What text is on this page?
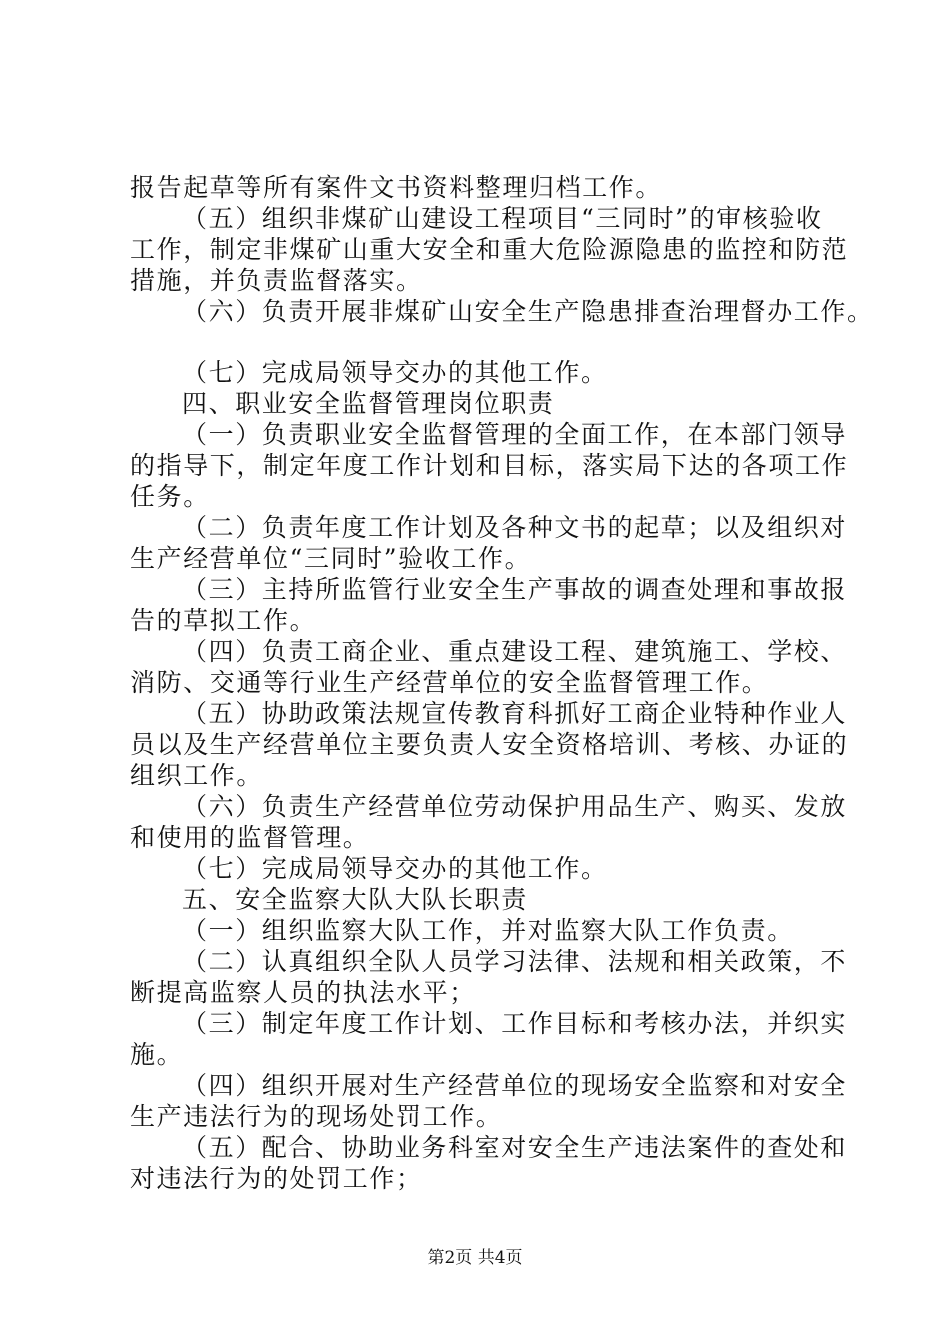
报告起草等所有案件文书资料整理归档工作。
（五）组织非煤矿山建设工程项目“三同时”的审核验收
工作，制定非煤矿山重大安全和重大危险源隐患的监控和防范
措施，并负责监督落实。
（六）负责开展非煤矿山安全生产隐患排查治理督办工作。
（七）完成局领导交办的其他工作。
四、职业安全监督管理岗位职责
（一）负责职业安全监督管理的全面工作，在本部门领导
的指导下，制定年度工作计划和目标，落实局下达的各项工作
任务。
（二）负责年度工作计划及各种文书的起草；以及组织对
生产经营单位“三同时”验收工作。
（三）主持所监管行业安全生产事故的调查处理和事故报
告的草拟工作。
（四）负责工商企业、重点建设工程、建筑施工、学校、
消防、交通等行业生产经营单位的安全监督管理工作。
（五）协助政策法规宣传教育科抓好工商企业特种作业人
员以及生产经营单位主要负责人安全资格培训、考核、办证的
组织工作。
（六）负责生产经营单位劳动保护用品生产、购买、发放
和使用的监督管理。
（七）完成局领导交办的其他工作。
五、安全监察大队大队长职责
（一）组织监察大队工作，并对监察大队工作负责。
（二）认真组织全队人员学习法律、法规和相关政策，不
断提高监察人员的执法水平；
（三）制定年度工作计划、工作目标和考核办法，并织实
施。
（四）组织开展对生产经营单位的现场安全监察和对安全
生产违法行为的现场处罚工作。
（五）配合、协助业务科室对安全生产违法案件的查处和
对违法行为的处罚工作；
第2页 共4页
